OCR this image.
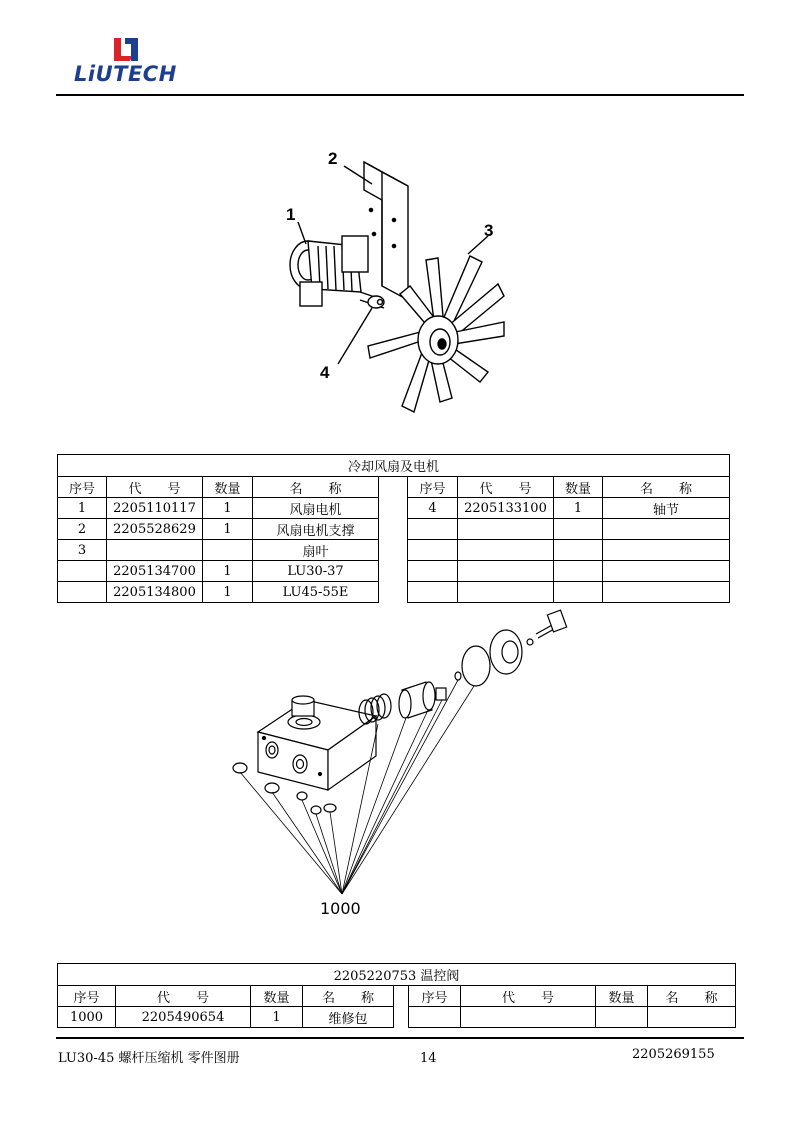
LiUTECH
1
2
3
4
冷却风扇及电机								
序号	代　　号	数量	名　　称		序号	代　　号	数量	名　　称
1	2205110117	1	风扇电机		4	2205133100	1	轴节
2	2205528629	1	风扇电机支撑					
3			扇叶					
	2205134700	1	LU30-37					
	2205134800	1	LU45-55E					
1000
2205220753 温控阀								
序号	代　　号	数量	名　　称		序号	代　　号	数量	名　　称
1000	2205490654	1	维修包					
LU30-45 螺杆压缩机 零件图册	14	2205269155
